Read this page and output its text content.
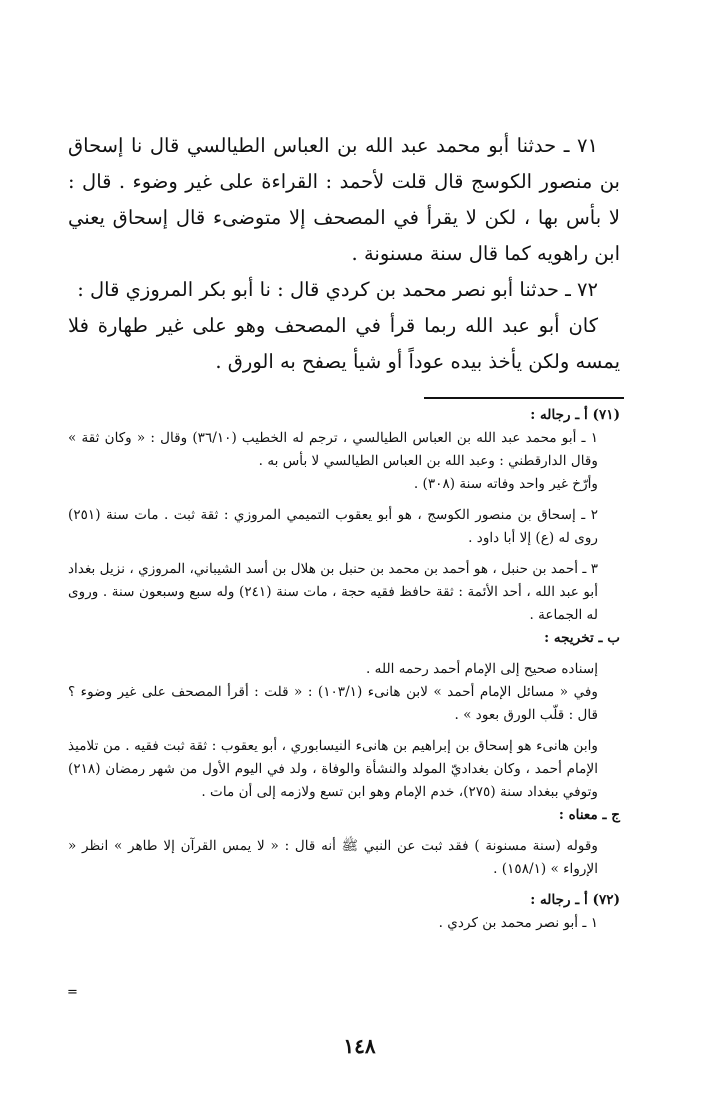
٧١ ـ حدثنا أبو محمد عبد الله بن العباس الطيالسي قال نا إسحاق بن منصور الكوسج قال قلت لأحمد : القراءة على غير وضوء . قال : لا بأس بها ، لكن لا يقرأ في المصحف إلا متوضىء قال إسحاق يعني ابن راهويه كما قال سنة مسنونة .

٧٢ ـ حدثنا أبو نصر محمد بن كردي قال : نا أبو بكر المروزي قال :

كان أبو عبد الله ربما قرأ في المصحف وهو على غير طهارة فلا يمسه ولكن يأخذ بيده عوداً أو شيأ يصفح به الورق .

(٧١) أ ـ رجاله :

١ ـ أبو محمد عبد الله بن العباس الطيالسي ، ترجم له الخطيب (٣٦/١٠) وقال : « وكان ثقة » وقال الدارقطني : وعبد الله بن العباس الطيالسي لا بأس به .

وأرّخ غير واحد وفاته سنة (٣٠٨) .

٢ ـ إسحاق بن منصور الكوسج ، هو أبو يعقوب التميمي المروزي : ثقة ثبت . مات سنة (٢٥١) روى له (ع) إلا أبا داود .

٣ ـ أحمد بن حنبل ، هو أحمد بن محمد بن حنبل بن هلال بن أسد الشيباني، المروزي ، نزيل بغداد أبو عبد الله ، أحد الأئمة : ثقة حافظ فقيه حجة ، مات سنة (٢٤١) وله سبع وسبعون سنة . وروى له الجماعة .

ب ـ تخريجه :

إسناده صحيح إلى الإمام أحمد رحمه الله .

وفي « مسائل الإمام أحمد » لابن هانىء (١٠٣/١) : « قلت : أقرأ المصحف على غير وضوء ؟ قال : قلّب الورق بعود » .

وابن هانىء هو إسحاق بن إبراهيم بن هانىء النيسابوري ، أبو يعقوب : ثقة ثبت فقيه . من تلاميذ الإمام أحمد ، وكان بغداديّ المولد والنشأة والوفاة ، ولد في اليوم الأول من شهر رمضان (٢١٨) وتوفي ببغداد سنة (٢٧٥)، خدم الإمام وهو ابن تسع ولازمه إلى أن مات .

ج ـ معناه :

وقوله (سنة مسنونة ) فقد ثبت عن النبي ﷺ أنه قال : « لا يمس القرآن إلا طاهر » انظر « الإرواء » (١٥٨/١) .

(٧٢) أ ـ رجاله :

١ ـ أبو نصر محمد بن كردي .

=
١٤٨
